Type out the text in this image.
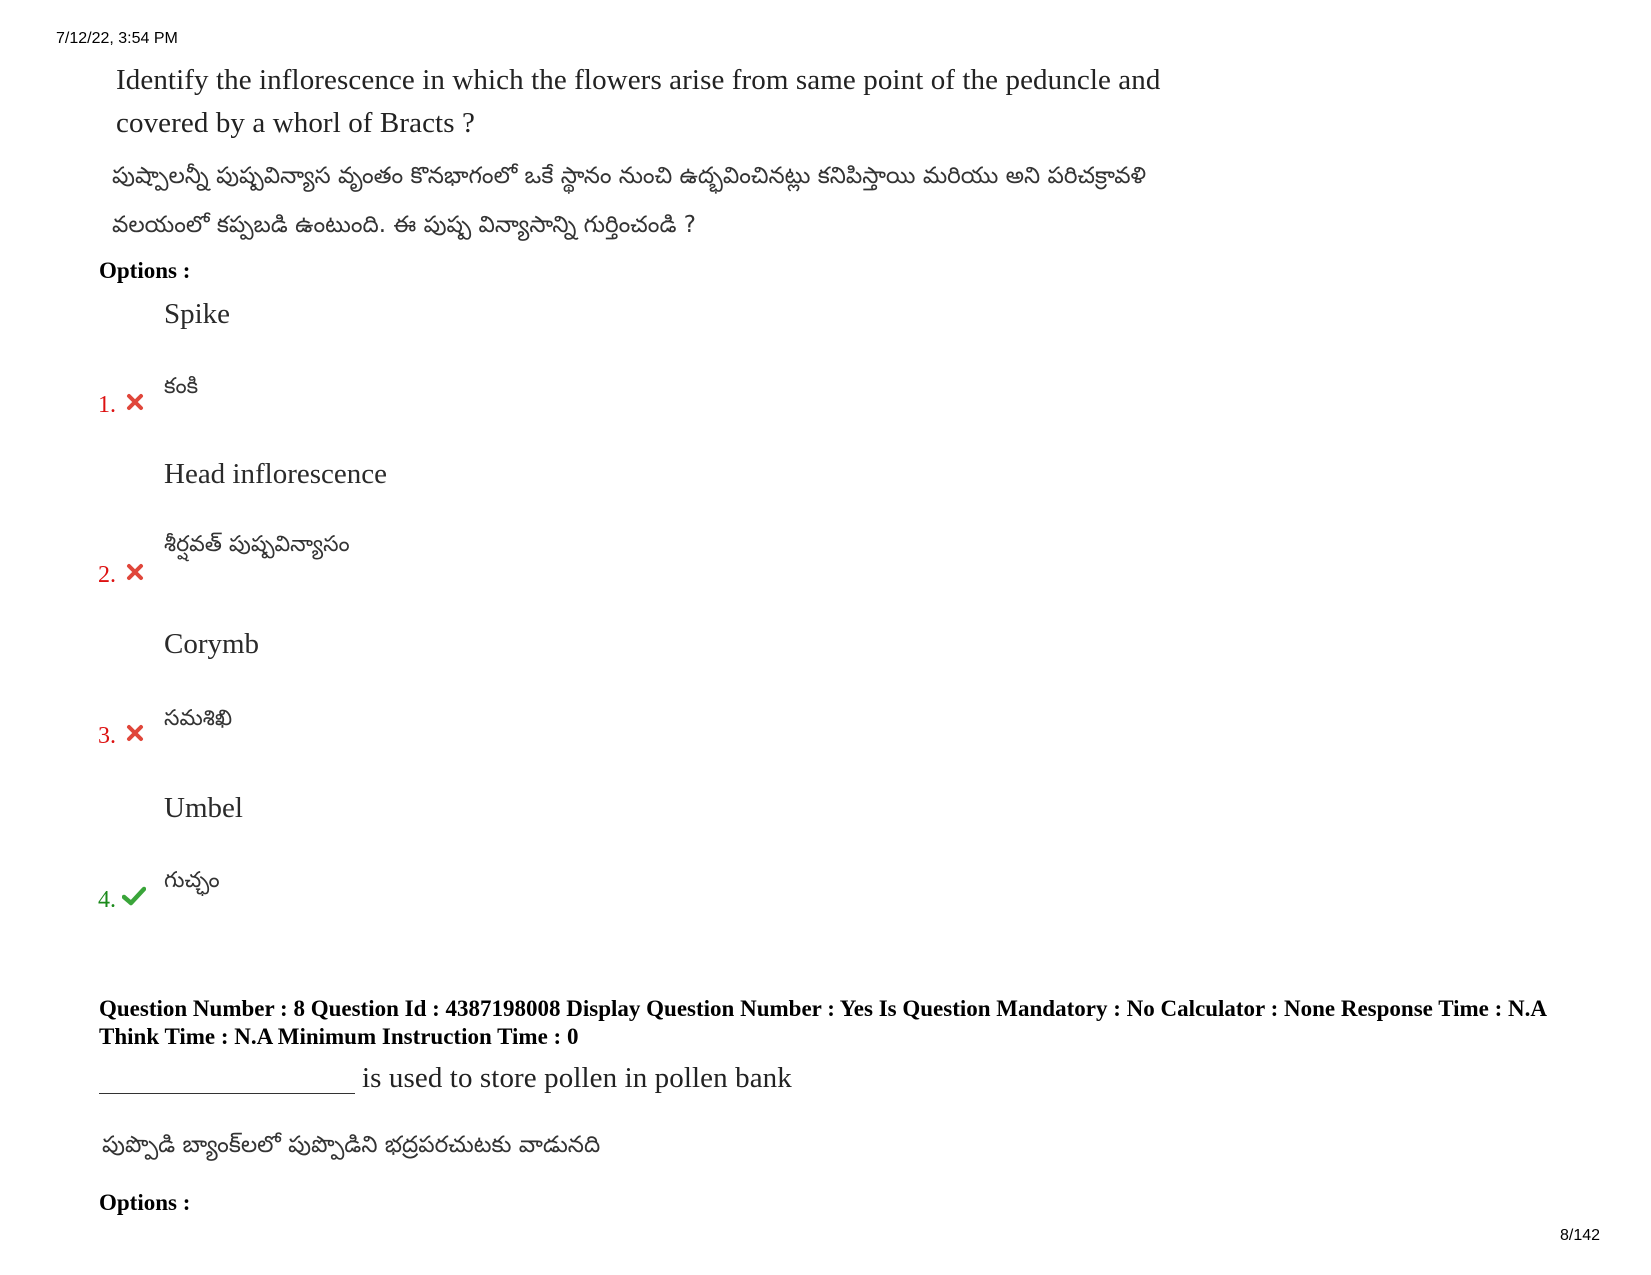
7/12/22, 3:54 PM
Identify the inflorescence in which the flowers arise from same point of the peduncle and
covered by a whorl of Bracts ?
పుష్పాలన్నీ పుష్పవిన్యాస వృంతం కొనభాగంలో ఒకే స్థానం నుంచి ఉద్భవించినట్లు కనిపిస్తాయి మరియు అని పరిచక్రావళి
వలయంలో కప్పబడి ఉంటుంది. ఈ పుష్ప విన్యాసాన్ని గుర్తించండి ?
Options :
Spike
కంకి
1.
Head inflorescence
శీర్షవత్ పుష్పవిన్యాసం
2.
Corymb
సమశిఖి
3.
Umbel
గుచ్ఛం
4.
Question Number : 8 Question Id : 4387198008 Display Question Number : Yes Is Question Mandatory : No Calculator : None Response Time : N.A Think Time : N.A Minimum Instruction Time : 0
is used to store pollen in pollen bank
పుప్పొడి బ్యాంక్‌లలో పుప్పొడిని భద్రపరచుటకు వాడునది
Options :
8/142
